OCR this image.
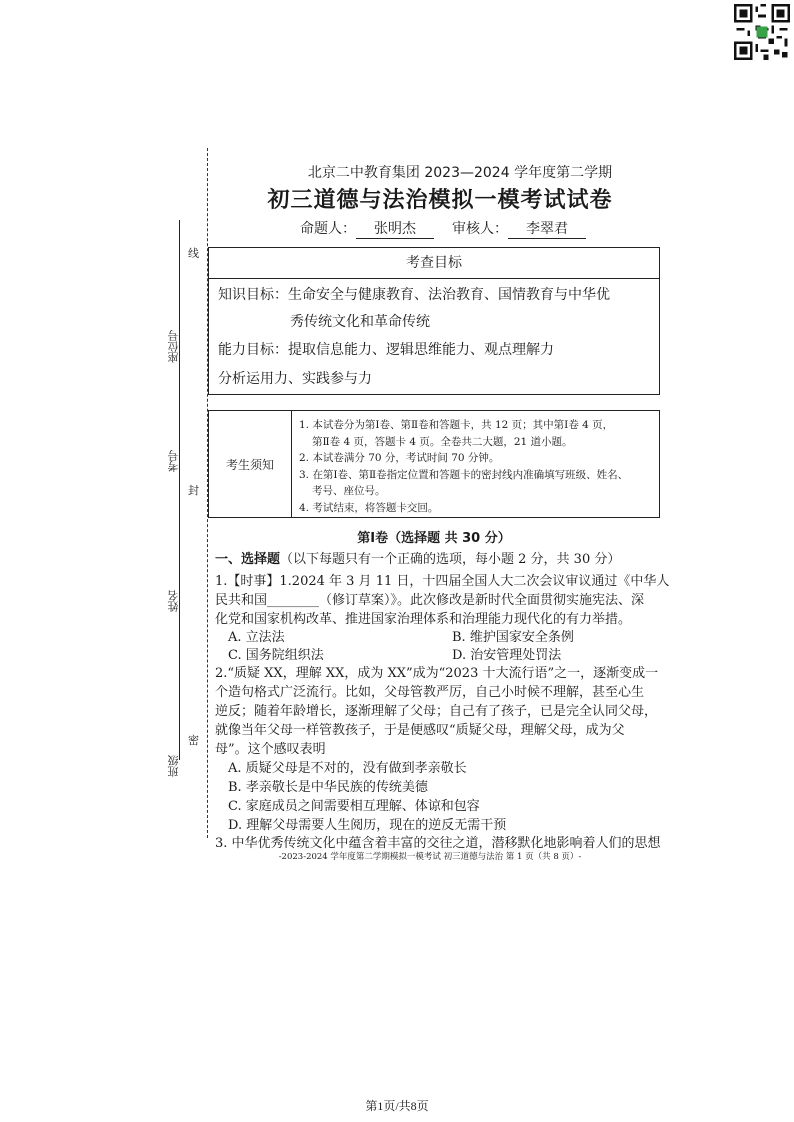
线
封
密
座位号
考号
姓名
班级
北京二中教育集团 2023—2024 学年度第二学期
初三道德与法治模拟一模考试试卷
命题人： 张明杰	审核人： 李翠君
考查目标
知识目标：生命安全与健康教育、法治教育、国情教育与中华优
秀传统文化和革命传统
能力目标：提取信息能力、逻辑思维能力、观点理解力
分析运用力、实践参与力
考生须知
1. 本试卷分为第Ⅰ卷、第Ⅱ卷和答题卡，共 12 页；其中第Ⅰ卷 4 页，
第Ⅱ卷 4 页，答题卡 4 页。全卷共二大题，21 道小题。
2. 本试卷满分 70 分，考试时间 70 分钟。
3. 在第Ⅰ卷、第Ⅱ卷指定位置和答题卡的密封线内准确填写班级、姓名、
考号、座位号。
4. 考试结束，将答题卡交回。
第Ⅰ卷（选择题 共 30 分）
一、选择题（以下每题只有一个正确的选项，每小题 2 分，共 30 分）
1.【时事】1.2024 年 3 月 11 日，十四届全国人大二次会议审议通过《中华人
民共和国________（修订草案）》。此次修改是新时代全面贯彻实施宪法、深
化党和国家机构改革、推进国家治理体系和治理能力现代化的有力举措。
A. 立法法	B. 维护国家安全条例
C. 国务院组织法	D. 治安管理处罚法
2.“质疑 XX，理解 XX，成为 XX”成为“2023 十大流行语”之一，逐渐变成一
个造句格式广泛流行。比如，父母管教严厉，自己小时候不理解，甚至心生
逆反；随着年龄增长，逐渐理解了父母；自己有了孩子，已是完全认同父母，
就像当年父母一样管教孩子，于是便感叹“质疑父母，理解父母，成为父
母”。这个感叹表明
A. 质疑父母是不对的，没有做到孝亲敬长
B. 孝亲敬长是中华民族的传统美德
C. 家庭成员之间需要相互理解、体谅和包容
D. 理解父母需要人生阅历，现在的逆反无需干预
3. 中华优秀传统文化中蕴含着丰富的交往之道，潜移默化地影响着人们的思想
-2023-2024 学年度第二学期模拟一模考试 初三道德与法治 第 1 页（共 8 页）-
第1页/共8页
